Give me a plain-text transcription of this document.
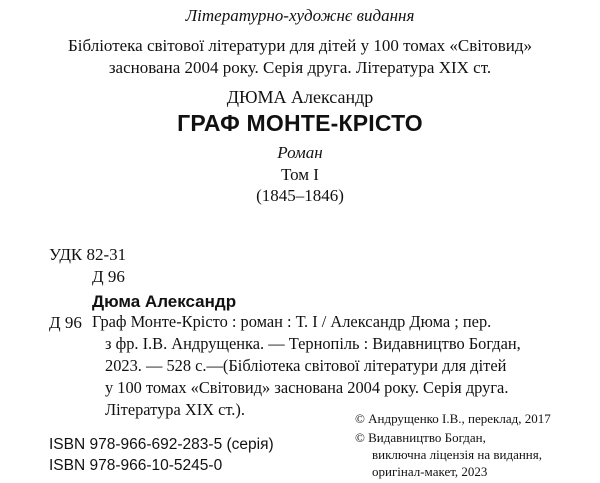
Літературно-художнє видання
Бібліотека світової літератури для дітей у 100 томах «Світовид»
заснована 2004 року. Серія друга. Література XIX ст.
ДЮМА Александр
ГРАФ МОНТЕ-КРІСТО
Роман
Том І
(1845–1846)
УДК 82-31
Д 96
Дюма Александр
Д 96 Граф Монте-Крісто : роман : Т. І / Александр Дюма ; пер.
з фр. І.В. Андрущенка. — Тернопіль : Видавництво Богдан,
2023. — 528 с.—(Бібліотека світової літератури для дітей
у 100 томах «Світовид» заснована 2004 року. Серія друга.
Література XIX ст.).
ISBN 978-966-692-283-5 (серія)
ISBN 978-966-10-5245-0
© Андрущенко І.В., переклад, 2017
© Видавництво Богдан,
виключна ліцензія на видання,
оригінал-макет, 2023
